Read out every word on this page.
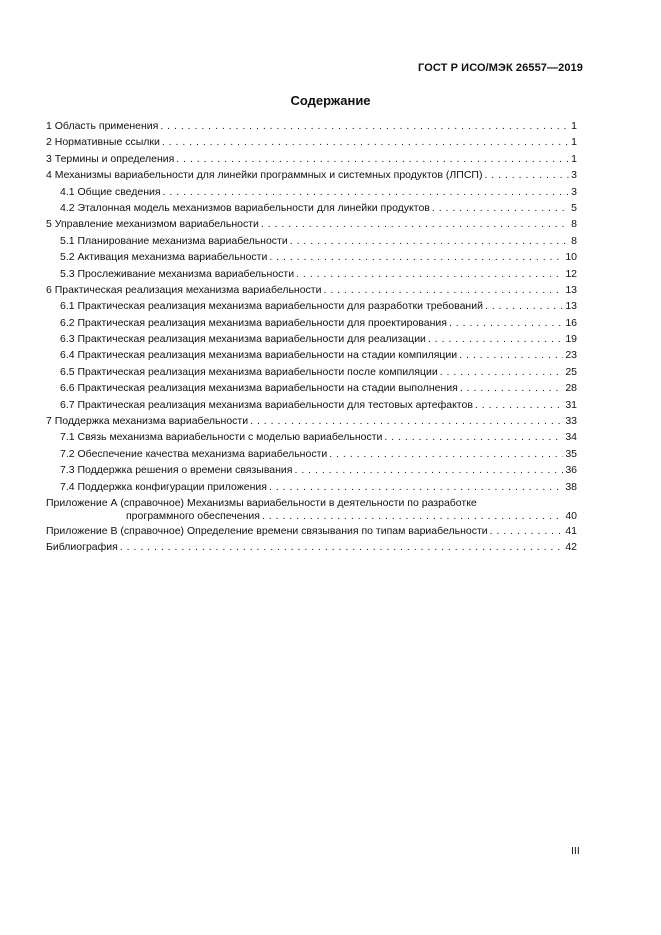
ГОСТ Р ИСО/МЭК 26557—2019
Содержание
1 Область применения . . .	1
2 Нормативные ссылки . . .	1
3 Термины и определения . . .	1
4 Механизмы вариабельности для линейки программных и системных продуктов (ЛПСП) . . .	3
4.1 Общие сведения . . .	3
4.2 Эталонная модель механизмов вариабельности для линейки продуктов . . .	5
5 Управление механизмом вариабельности . . .	8
5.1 Планирование механизма вариабельности . . .	8
5.2 Активация механизма вариабельности . . .	10
5.3 Прослеживание механизма вариабельности . . .	12
6 Практическая реализация механизма вариабельности . . .	13
6.1 Практическая реализация механизма вариабельности для разработки требований . . .	13
6.2 Практическая реализация механизма вариабельности для проектирования . . .	16
6.3 Практическая реализация механизма вариабельности для реализации . . .	19
6.4 Практическая реализация механизма вариабельности на стадии компиляции . . .	23
6.5 Практическая реализация механизма вариабельности после компиляции . . .	25
6.6 Практическая реализация механизма вариабельности на стадии выполнения . . .	28
6.7 Практическая реализация механизма вариабельности для тестовых артефактов . . .	31
7 Поддержка механизма вариабельности . . .	33
7.1 Связь механизма вариабельности с моделью вариабельности . . .	34
7.2 Обеспечение качества механизма вариабельности . . .	35
7.3 Поддержка решения о времени связывания . . .	36
7.4 Поддержка конфигурации приложения . . .	38
Приложение А (справочное) Механизмы вариабельности в деятельности по разработке
программного обеспечения . . .	40
Приложение В (справочное) Определение времени связывания по типам вариабельности . . .	41
Библиография . . .	42
III
